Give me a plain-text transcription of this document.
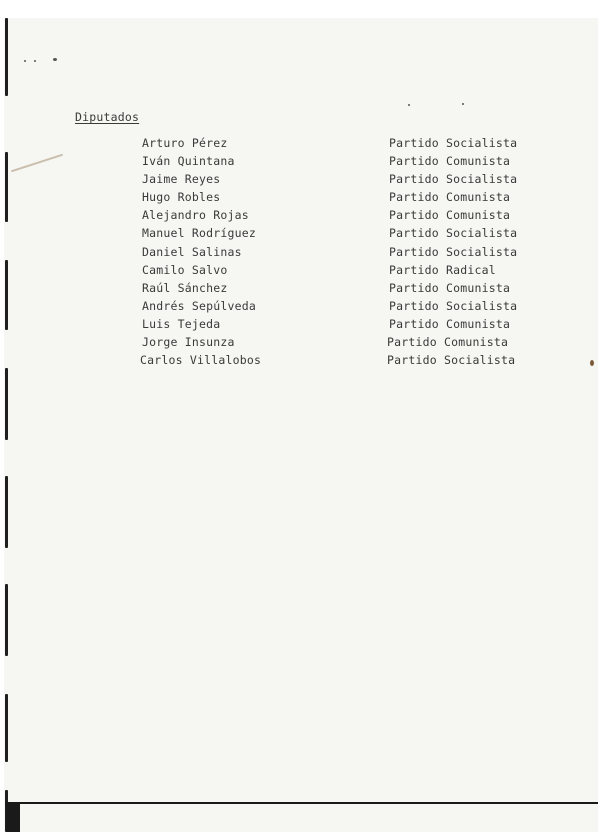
Diputados
Arturo Pérez	Partido Socialista
Iván Quintana	Partido Comunista
Jaime Reyes	Partido Socialista
Hugo Robles	Partido Comunista
Alejandro Rojas	Partido Comunista
Manuel Rodríguez	Partido Socialista
Daniel Salinas	Partido Socialista
Camilo Salvo	Partido Radical
Raúl Sánchez	Partido Comunista
Andrés Sepúlveda	Partido Socialista
Luis Tejeda	Partido Comunista
Jorge Insunza	Partido Comunista
Carlos Villalobos	Partido Socialista
